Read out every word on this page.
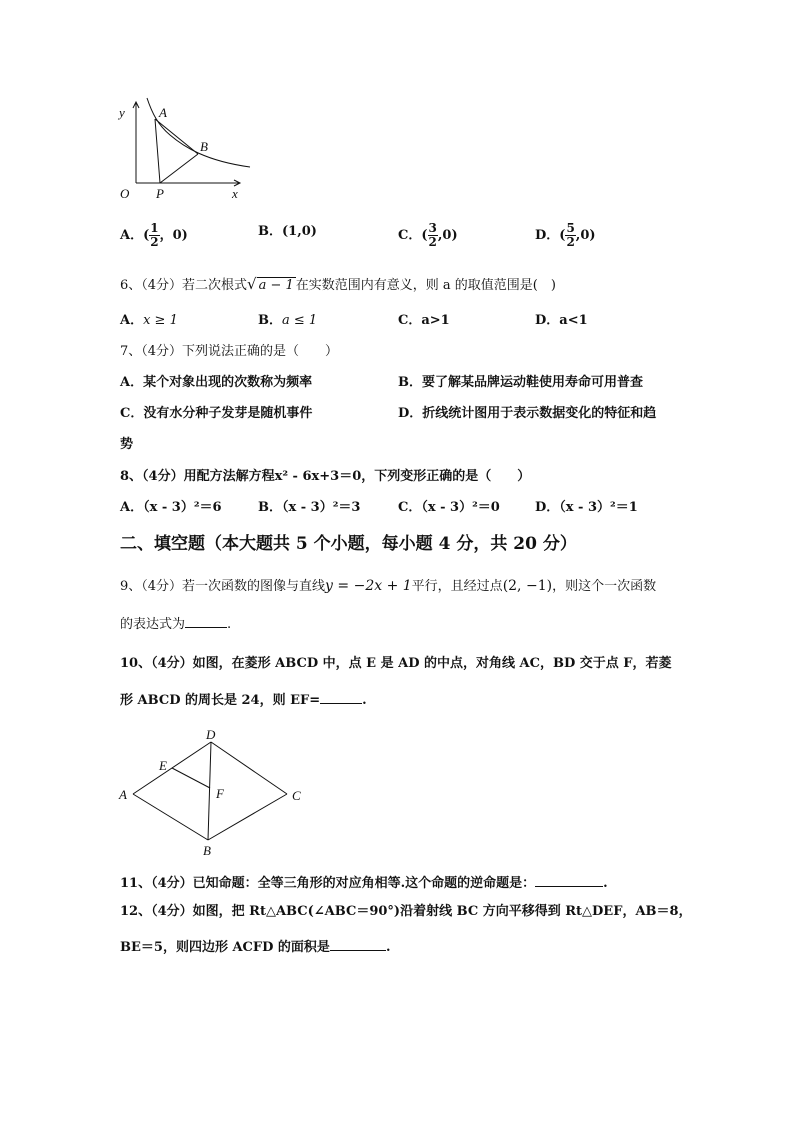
y
x
O
A
B
P
A．( $\frac{1}{2}$ ，0)	B．(1,0)	C．( $\frac{3}{2} ,0$)	D．( $\frac{5}{2} ,0$)
6、（4分）若二次根式√ a − 1 在实数范围内有意义，则 a 的取值范围是(　)
A．x ≥ 1	B．a ≤ 1	C．a>1	D．a<1
7、（4分）下列说法正确的是（　　）
A．某个对象出现的次数称为频率	B．要了解某品牌运动鞋使用寿命可用普查
C．没有水分种子发芽是随机事件	D．折线统计图用于表示数据变化的特征和趋
势
8、（4分）用配方法解方程x² - 6x+3＝0，下列变形正确的是（　　）
A．（x - 3）²＝6	B．（x - 3）²＝3	C．（x - 3）²＝0	D．（x - 3）²＝1
二、填空题（本大题共 5 个小题，每小题 4 分，共 20 分）
9、（4分）若一次函数的图像与直线y = −2x + 1平行，且经过点(2, −1)，则这个一次函数
的表达式为	.
10、（4分）如图，在菱形 ABCD 中，点 E 是 AD 的中点，对角线 AC，BD 交于点 F，若菱
形 ABCD 的周长是 24，则 EF=	.
A
B
C
D
E
F
11、（4分）已知命题：全等三角形的对应角相等.这个命题的逆命题是：	.
12、（4分）如图，把 Rt△ABC(∠ABC＝90°)沿着射线 BC 方向平移得到 Rt△DEF，AB＝8，
BE＝5，则四边形 ACFD 的面积是	.
